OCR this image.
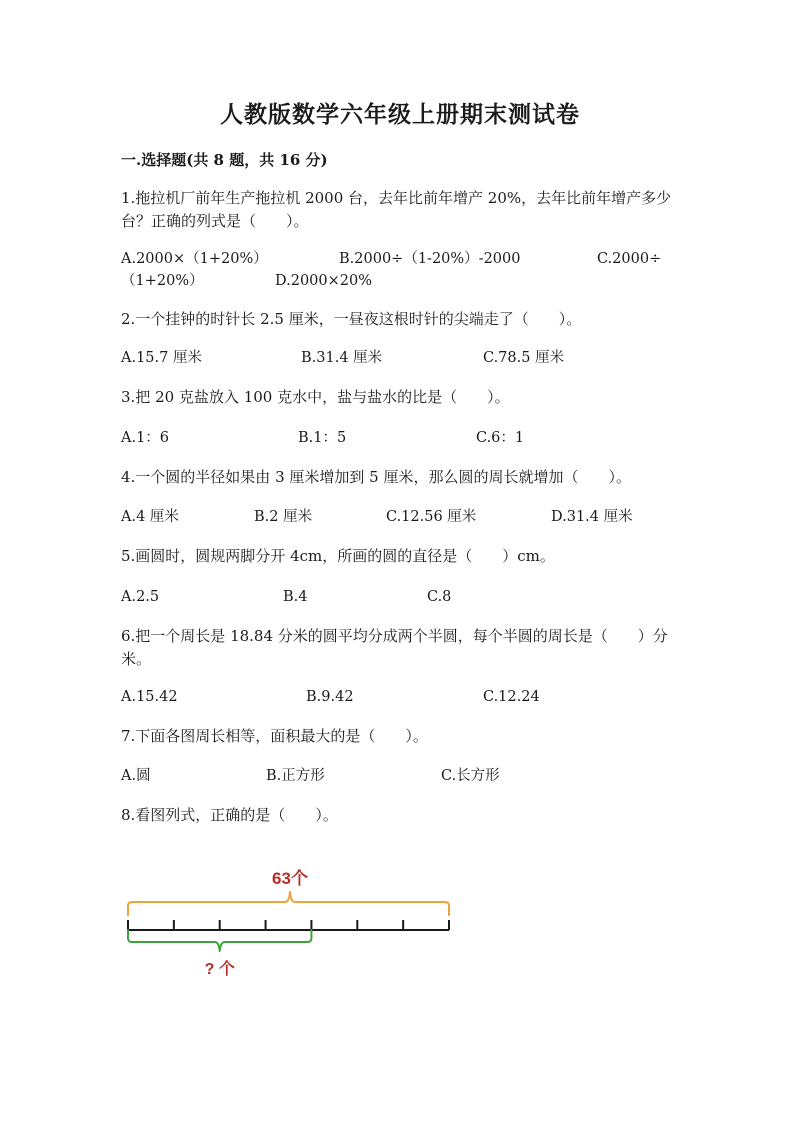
人教版数学六年级上册期末测试卷
一.选择题(共 8 题，共 16 分)
1.拖拉机厂前年生产拖拉机 2000 台，去年比前年增产 20%，去年比前年增产多少台？正确的列式是（　　）。
A.2000×（1+20%）	B.2000÷（1-20%）-2000	C.2000÷
（1+20%）	D.2000×20%
2.一个挂钟的时针长 2.5 厘米，一昼夜这根时针的尖端走了（　　）。
A.15.7 厘米	B.31.4 厘米	C.78.5 厘米
3.把 20 克盐放入 100 克水中，盐与盐水的比是（　　）。
A.1：6	B.1：5	C.6：1
4.一个圆的半径如果由 3 厘米增加到 5 厘米，那么圆的周长就增加（　　）。
A.4 厘米	B.2 厘米	C.12.56 厘米	D.31.4 厘米
5.画圆时，圆规两脚分开 4cm，所画的圆的直径是（　　）cm。
A.2.5	B.4	C.8
6.把一个周长是 18.84 分米的圆平均分成两个半圆，每个半圆的周长是（　　）分米。
A.15.42	B.9.42	C.12.24
7.下面各图周长相等，面积最大的是（　　）。
A.圆	B.正方形	C.长方形
8.看图列式，正确的是（　　）。
63个
? 个
